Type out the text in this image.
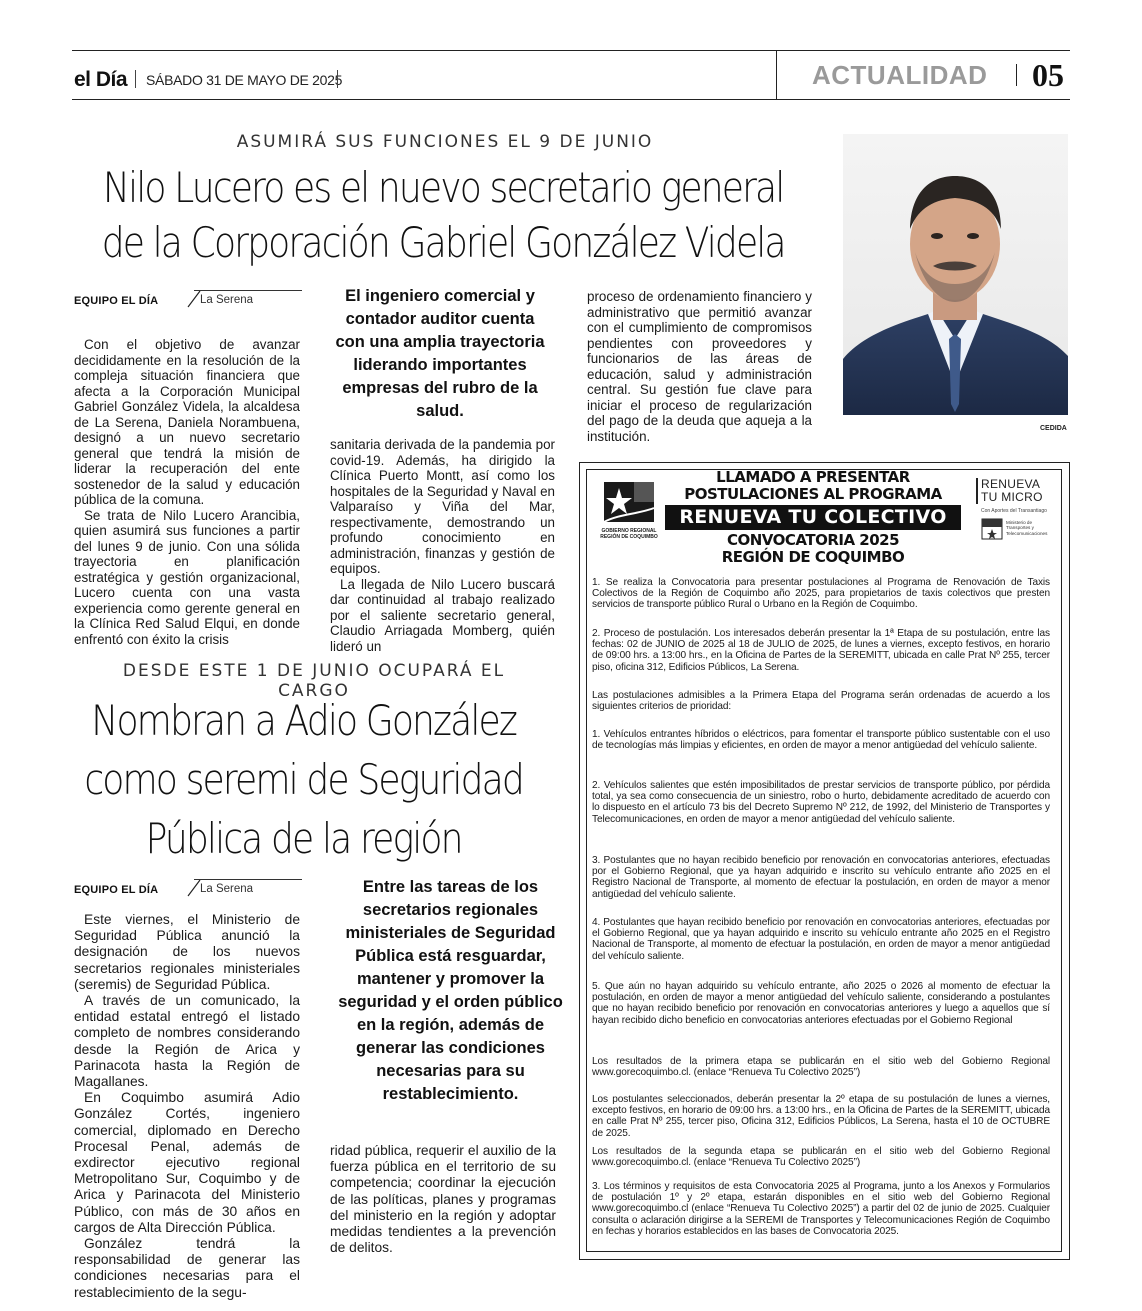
el Día SÁBADO 31 DE MAYO DE 2025	ACTUALIDAD 05
ASUMIRÁ SUS FUNCIONES EL 9 DE JUNIO
Nilo Lucero es el nuevo secretario general
de la Corporación Gabriel González Videla
EQUIPO EL DÍA	La Serena

Con el objetivo de avanzar decididamente en la resolución de la compleja situación financiera que afecta a la Corporación Municipal Gabriel González Videla, la alcaldesa de La Serena, Daniela Norambuena, designó a un nuevo secretario general que tendrá la misión de liderar la recuperación del ente sostenedor de la salud y educación pública de la comuna.

Se trata de Nilo Lucero Arancibia, quien asumirá sus funciones a partir del lunes 9 de junio. Con una sólida trayectoria en planificación estratégica y gestión organizacional, Lucero cuenta con una vasta experiencia como gerente general en la Clínica Red Salud Elqui, en donde enfrentó con éxito la crisis

El ingeniero comercial y contador auditor cuenta con una amplia trayectoria liderando importantes empresas del rubro de la salud.

sanitaria derivada de la pandemia por covid-19. Además, ha dirigido la Clínica Puerto Montt, así como los hospitales de la Seguridad y Naval en Valparaíso y Viña del Mar, respectivamente, demostrando un profundo conocimiento en administración, finanzas y gestión de equipos.

La llegada de Nilo Lucero buscará dar continuidad al trabajo realizado por el saliente secretario general, Claudio Arriagada Momberg, quién lideró un

proceso de ordenamiento financiero y administrativo que permitió avanzar con el cumplimiento de compromisos pendientes con proveedores y funcionarios de las áreas de educación, salud y administración central. Su gestión fue clave para iniciar el proceso de regularización del pago de la deuda que aqueja a la institución.	CEDIDA
DESDE ESTE 1 DE JUNIO OCUPARÁ EL CARGO
Nombran a Adio González
como seremi de Seguridad
Pública de la región
EQUIPO EL DÍA	La Serena

Este viernes, el Ministerio de Seguridad Pública anunció la designación de los nuevos secretarios regionales ministeriales (seremis) de Seguridad Pública.

A través de un comunicado, la entidad estatal entregó el listado completo de nombres considerando desde la Región de Arica y Parinacota hasta la Región de Magallanes.

En Coquimbo asumirá Adio González Cortés, ingeniero comercial, diplomado en Derecho Procesal Penal, además de exdirector ejecutivo regional Metropolitano Sur, Coquimbo y de Arica y Parinacota del Ministerio Público, con más de 30 años en cargos de Alta Dirección Pública.

González tendrá la responsabilidad de generar las condiciones necesarias para el restablecimiento de la segu-

Entre las tareas de los secretarios regionales ministeriales de Seguridad Pública está resguardar, mantener y promover la seguridad y el orden público en la región, además de generar las condiciones necesarias para su restablecimiento.

ridad pública, requerir el auxilio de la fuerza pública en el territorio de su competencia; coordinar la ejecución de las políticas, planes y programas del ministerio en la región y adoptar medidas tendientes a la prevención de delitos.

GOBIERNO REGIONAL REGIÓN DE COQUIMBO
RENUEVA
TU MICRO
Con Aportes del Transantiago
Ministerio de Transportes y Telecomunicaciones
LLAMADO A PRESENTAR
POSTULACIONES AL PROGRAMA
RENUEVA TU COLECTIVO
CONVOCATORIA 2025
REGIÓN DE COQUIMBO
1. Se realiza la Convocatoria para presentar postulaciones al Programa de Renovación de Taxis Colectivos de la Región de Coquimbo año 2025, para propietarios de taxis colectivos que presten servicios de transporte público Rural o Urbano en la Región de Coquimbo.
2. Proceso de postulación. Los interesados deberán presentar la 1ª Etapa de su postulación, entre las fechas: 02 de JUNIO de 2025 al 18 de JULIO de 2025, de lunes a viernes, excepto festivos, en horario de 09:00 hrs. a 13:00 hrs., en la Oficina de Partes de la SEREMITT, ubicada en calle Prat Nº 255, tercer piso, oficina 312, Edificios Públicos, La Serena.
Las postulaciones admisibles a la Primera Etapa del Programa serán ordenadas de acuerdo a los siguientes criterios de prioridad:
1. Vehículos entrantes híbridos o eléctricos, para fomentar el transporte público sustentable con el uso de tecnologías más limpias y eficientes, en orden de mayor a menor antigüedad del vehículo saliente.
2. Vehículos salientes que estén imposibilitados de prestar servicios de transporte público, por pérdida total, ya sea como consecuencia de un siniestro, robo o hurto, debidamente acreditado de acuerdo con lo dispuesto en el artículo 73 bis del Decreto Supremo Nº 212, de 1992, del Ministerio de Transportes y Telecomunicaciones, en orden de mayor a menor antigüedad del vehículo saliente.
3. Postulantes que no hayan recibido beneficio por renovación en convocatorias anteriores, efectuadas por el Gobierno Regional, que ya hayan adquirido e inscrito su vehículo entrante año 2025 en el Registro Nacional de Transporte, al momento de efectuar la postulación, en orden de mayor a menor antigüedad del vehículo saliente.
4. Postulantes que hayan recibido beneficio por renovación en convocatorias anteriores, efectuadas por el Gobierno Regional, que ya hayan adquirido e inscrito su vehículo entrante año 2025 en el Registro Nacional de Transporte, al momento de efectuar la postulación, en orden de mayor a menor antigüedad del vehículo saliente.
5. Que aún no hayan adquirido su vehículo entrante, año 2025 o 2026 al momento de efectuar la postulación, en orden de mayor a menor antigüedad del vehículo saliente, considerando a postulantes que no hayan recibido beneficio por renovación en convocatorias anteriores y luego a aquellos que sí hayan recibido dicho beneficio en convocatorias anteriores efectuadas por el Gobierno Regional
Los resultados de la primera etapa se publicarán en el sitio web del Gobierno Regional www.gorecoquimbo.cl. (enlace “Renueva Tu Colectivo 2025”)
Los postulantes seleccionados, deberán presentar la 2º etapa de su postulación de lunes a viernes, excepto festivos, en horario de 09:00 hrs. a 13:00 hrs., en la Oficina de Partes de la SEREMITT, ubicada en calle Prat Nº 255, tercer piso, Oficina 312, Edificios Públicos, La Serena, hasta el 10 de OCTUBRE de 2025.
Los resultados de la segunda etapa se publicarán en el sitio web del Gobierno Regional www.gorecoquimbo.cl. (enlace “Renueva Tu Colectivo 2025”)
3. Los términos y requisitos de esta Convocatoria 2025 al Programa, junto a los Anexos y Formularios de postulación 1º y 2º etapa, estarán disponibles en el sitio web del Gobierno Regional www.gorecoquimbo.cl (enlace “Renueva Tu Colectivo 2025”) a partir del 02 de junio de 2025. Cualquier consulta o aclaración dirigirse a la SEREMI de Transportes y Telecomunicaciones Región de Coquimbo en fechas y horarios establecidos en las bases de Convocatoria 2025.
